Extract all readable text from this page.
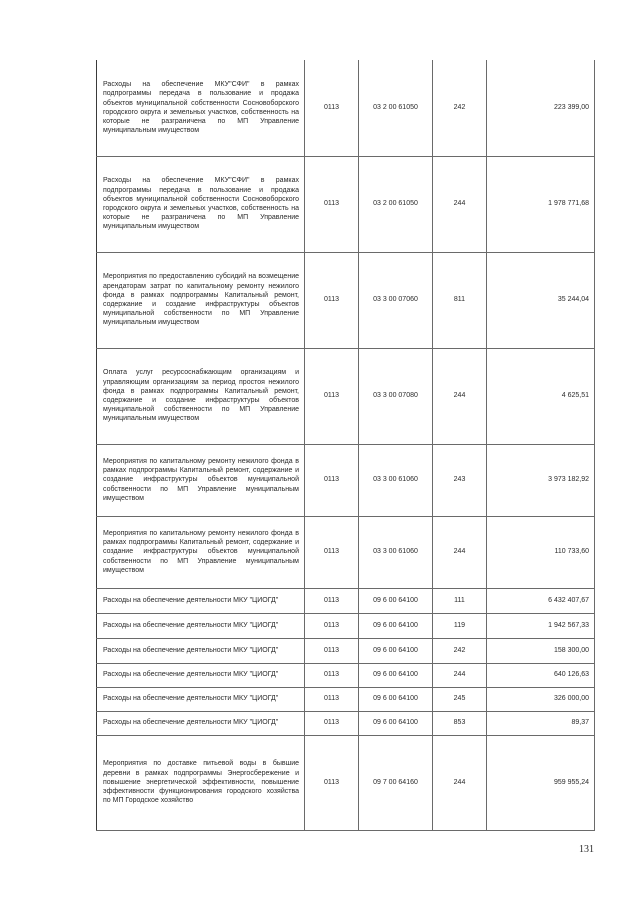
Расходы на обеспечение МКУ"СФИ" в рамках подпрограммы передача в пользование и продажа объектов муниципальной собственности Сосновоборского городского округа и земельных участков, собственность на которые не разграничена по МП Управление муниципальным имуществом	0113	03 2 00 61050	242	223 399,00
Расходы на обеспечение МКУ"СФИ" в рамках подпрограммы передача в пользование и продажа объектов муниципальной собственности Сосновоборского городского округа и земельных участков, собственность на которые не разграничена по МП Управление муниципальным имуществом	0113	03 2 00 61050	244	1 978 771,68
Мероприятия по предоставлению субсидий на возмещение арендаторам затрат по капитальному ремонту нежилого фонда в рамках подпрограммы Капитальный ремонт, содержание и создание инфраструктуры объектов муниципальной собственности по МП Управление муниципальным имуществом	0113	03 3 00 07060	811	35 244,04
Оплата услуг ресурсоснабжающим организациям и управляющим организациям за период простоя нежилого фонда в рамках подпрограммы Капитальный ремонт, содержание и создание инфраструктуры объектов муниципальной собственности по МП Управление муниципальным имуществом	0113	03 3 00 07080	244	4 625,51
Мероприятия по капитальному ремонту нежилого фонда в рамках подпрограммы Капитальный ремонт, содержание и создание инфраструктуры объектов муниципальной собственности по МП Управление муниципальным имуществом	0113	03 3 00 61060	243	3 973 182,92
Мероприятия по капитальному ремонту нежилого фонда в рамках подпрограммы Капитальный ремонт, содержание и создание инфраструктуры объектов муниципальной собственности по МП Управление муниципальным имуществом	0113	03 3 00 61060	244	110 733,60
Расходы на обеспечение деятельности МКУ "ЦИОГД"	0113	09 6 00 64100	111	6 432 407,67
Расходы на обеспечение деятельности МКУ "ЦИОГД"	0113	09 6 00 64100	119	1 942 567,33
Расходы на обеспечение деятельности МКУ "ЦИОГД"	0113	09 6 00 64100	242	158 300,00
Расходы на обеспечение деятельности МКУ "ЦИОГД"	0113	09 6 00 64100	244	640 126,63
Расходы на обеспечение деятельности МКУ "ЦИОГД"	0113	09 6 00 64100	245	326 000,00
Расходы на обеспечение деятельности МКУ "ЦИОГД"	0113	09 6 00 64100	853	89,37
Мероприятия по доставке питьевой воды в бывшие деревни в рамках подпрограммы Энергосбережение и повышение энергетической эффективности, повышение эффективности функционирования городского хозяйства по МП Городское хозяйство	0113	09 7 00 64160	244	959 955,24
131
